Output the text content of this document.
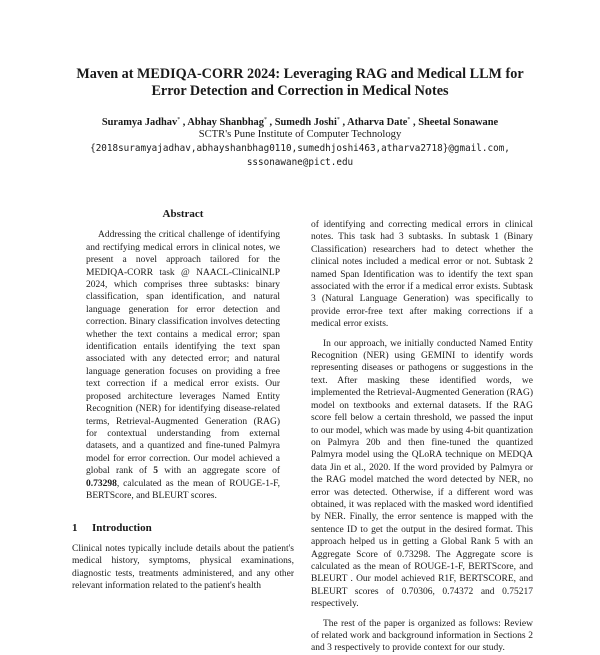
Maven at MEDIQA-CORR 2024: Leveraging RAG and Medical LLM for
Error Detection and Correction in Medical Notes
Suramya Jadhav* , Abhay Shanbhag* , Sumedh Joshi* , Atharva Date* , Sheetal Sonawane
SCTR's Pune Institute of Computer Technology
{2018suramyajadhav,abhayshanbhag0110,sumedhjoshi463,atharva2718}@gmail.com,
sssonawane@pict.edu
Abstract

Addressing the critical challenge of identifying and rectifying medical errors in clinical notes, we present a novel approach tailored for the MEDIQA-CORR task @ NAACL-ClinicalNLP 2024, which comprises three subtasks: binary classification, span identification, and natural language generation for error detection and correction. Binary classification involves detecting whether the text contains a medical error; span identification entails identifying the text span associated with any detected error; and natural language generation focuses on providing a free text correction if a medical error exists. Our proposed architecture leverages Named Entity Recognition (NER) for identifying disease-related terms, Retrieval-Augmented Generation (RAG) for contextual understanding from external datasets, and a quantized and fine-tuned Palmyra model for error correction. Our model achieved a global rank of 5 with an aggregate score of 0.73298, calculated as the mean of ROUGE-1-F, BERTScore, and BLEURT scores.

1 Introduction

Clinical notes typically include details about the patient's medical history, symptoms, physical examinations, diagnostic tests, treatments administered, and any other relevant information related to the patient's health

of identifying and correcting medical errors in clinical notes. This task had 3 subtasks. In subtask 1 (Binary Classification) researchers had to detect whether the clinical notes included a medical error or not. Subtask 2 named Span Identification was to identify the text span associated with the error if a medical error exists. Subtask 3 (Natural Language Generation) was specifically to provide error-free text after making corrections if a medical error exists.

In our approach, we initially conducted Named Entity Recognition (NER) using GEMINI to identify words representing diseases or pathogens or suggestions in the text. After masking these identified words, we implemented the Retrieval-Augmented Generation (RAG) model on textbooks and external datasets. If the RAG score fell below a certain threshold, we passed the input to our model, which was made by using 4-bit quantization on Palmyra 20b and then fine-tuned the quantized Palmyra model using the QLoRA technique on MEDQA data Jin et al., 2020. If the word provided by Palmyra or the RAG model matched the word detected by NER, no error was detected. Otherwise, if a different word was obtained, it was replaced with the masked word identified by NER. Finally, the error sentence is mapped with the sentence ID to get the output in the desired format. This approach helped us in getting a Global Rank 5 with an Aggregate Score of 0.73298. The Aggregate score is calculated as the mean of ROUGE-1-F, BERTScore, and BLEURT . Our model achieved R1F, BERTSCORE, and BLEURT scores of 0.70306, 0.74372 and 0.75217 respectively.

The rest of the paper is organized as follows: Review of related work and background information in Sections 2 and 3 respectively to provide context for our study.
